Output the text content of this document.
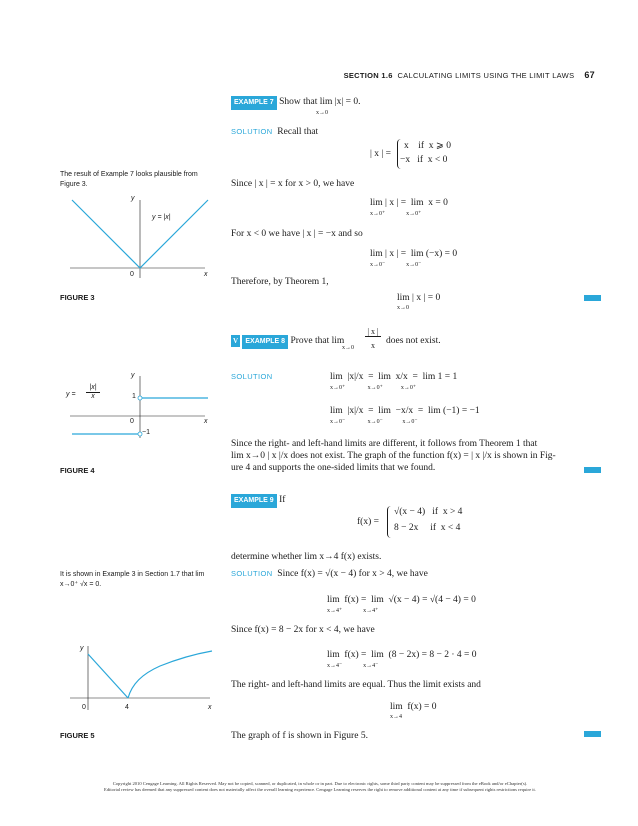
SECTION 1.6 CALCULATING LIMITS USING THE LIMIT LAWS 67
EXAMPLE 7 Show that lim |x| = 0.
x→0
SOLUTION Recall that
| x | =
x    if  x ⩾ 0
−x   if  x < 0
Since | x | = x for x > 0, we have
lim | x | =  lim  x = 0
x→0⁺              x→0⁺
For x < 0 we have | x | = −x and so
lim | x | =  lim (−x) = 0
x→0⁻              x→0⁻
Therefore, by Theorem 1,
lim | x | = 0
x→0
The result of Example 7 looks plausible from Figure 3.
y
x
0
y = |x|
FIGURE 3
V EXAMPLE 8 Prove that lim
| x |
x
x→0
does not exist.
SOLUTION	lim  |x|/x  =  lim  x/x  =  lim 1 = 1
x→0⁺               x→0⁺            x→0⁺
lim  |x|/x  =  lim  −x/x  =  lim (−1) = −1
x→0⁻               x→0⁻             x→0⁻
Since the right- and left-hand limits are different, it follows from Theorem 1 that
lim x→0 | x |/x does not exist. The graph of the function f(x) = | x |/x is shown in Fig-
ure 4 and supports the one-sided limits that we found.
y
x
0
1
−1
y =
|x|
x
FIGURE 4
EXAMPLE 9 If
f(x) =
√(x − 4)   if  x > 4
8 − 2x     if  x < 4
determine whether lim x→4 f(x) exists.
SOLUTION Since f(x) = √(x − 4) for x > 4, we have
lim  f(x) =  lim  √(x − 4) = √(4 − 4) = 0
x→4⁺              x→4⁺
Since f(x) = 8 − 2x for x < 4, we have
lim  f(x) =  lim  (8 − 2x) = 8 − 2 · 4 = 0
x→4⁻              x→4⁻
The right- and left-hand limits are equal. Thus the limit exists and
lim  f(x) = 0
x→4
The graph of f is shown in Figure 5.
It is shown in Example 3 in Section 1.7 that lim x→0⁺ √x = 0.
y
x
0	4
FIGURE 5
Copyright 2010 Cengage Learning. All Rights Reserved. May not be copied, scanned, or duplicated, in whole or in part. Due to electronic rights, some third party content may be suppressed from the eBook and/or eChapter(s).
Editorial review has deemed that any suppressed content does not materially affect the overall learning experience. Cengage Learning reserves the right to remove additional content at any time if subsequent rights restrictions require it.
